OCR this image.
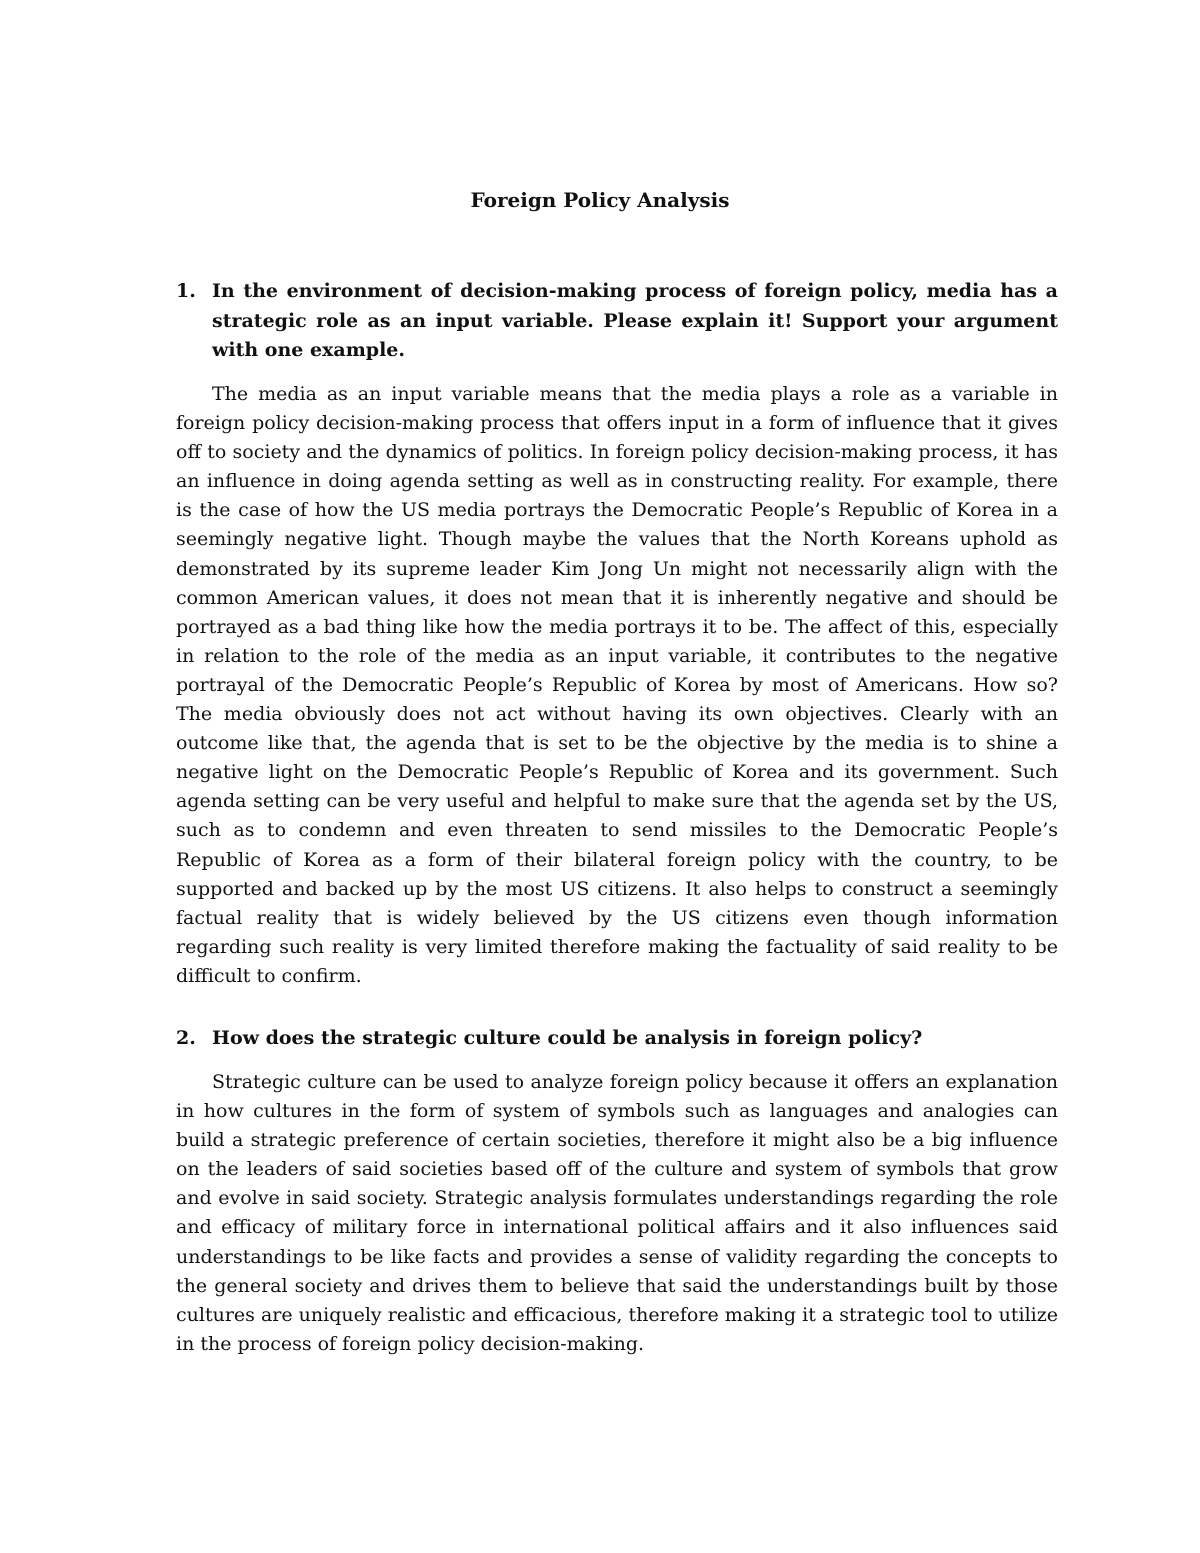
Foreign Policy Analysis
1. In the environment of decision-making process of foreign policy, media has a strategic role as an input variable. Please explain it! Support your argument with one example.

The media as an input variable means that the media plays a role as a variable in foreign policy decision-making process that offers input in a form of influence that it gives off to society and the dynamics of politics. In foreign policy decision-making process, it has an influence in doing agenda setting as well as in constructing reality. For example, there is the case of how the US media portrays the Democratic People’s Republic of Korea in a seemingly negative light. Though maybe the values that the North Koreans uphold as demonstrated by its supreme leader Kim Jong Un might not necessarily align with the common American values, it does not mean that it is inherently negative and should be portrayed as a bad thing like how the media portrays it to be. The affect of this, especially in relation to the role of the media as an input variable, it contributes to the negative portrayal of the Democratic People’s Republic of Korea by most of Americans. How so? The media obviously does not act without having its own objectives. Clearly with an outcome like that, the agenda that is set to be the objective by the media is to shine a negative light on the Democratic People’s Republic of Korea and its government. Such agenda setting can be very useful and helpful to make sure that the agenda set by the US, such as to condemn and even threaten to send missiles to the Democratic People’s Republic of Korea as a form of their bilateral foreign policy with the country, to be supported and backed up by the most US citizens. It also helps to construct a seemingly factual reality that is widely believed by the US citizens even though information regarding such reality is very limited therefore making the factuality of said reality to be difficult to confirm.

2. How does the strategic culture could be analysis in foreign policy?

Strategic culture can be used to analyze foreign policy because it offers an explanation in how cultures in the form of system of symbols such as languages and analogies can build a strategic preference of certain societies, therefore it might also be a big influence on the leaders of said societies based off of the culture and system of symbols that grow and evolve in said society. Strategic analysis formulates understandings regarding the role and efficacy of military force in international political affairs and it also influences said understandings to be like facts and provides a sense of validity regarding the concepts to the general society and drives them to believe that said the understandings built by those cultures are uniquely realistic and efficacious, therefore making it a strategic tool to utilize in the process of foreign policy decision-making.
